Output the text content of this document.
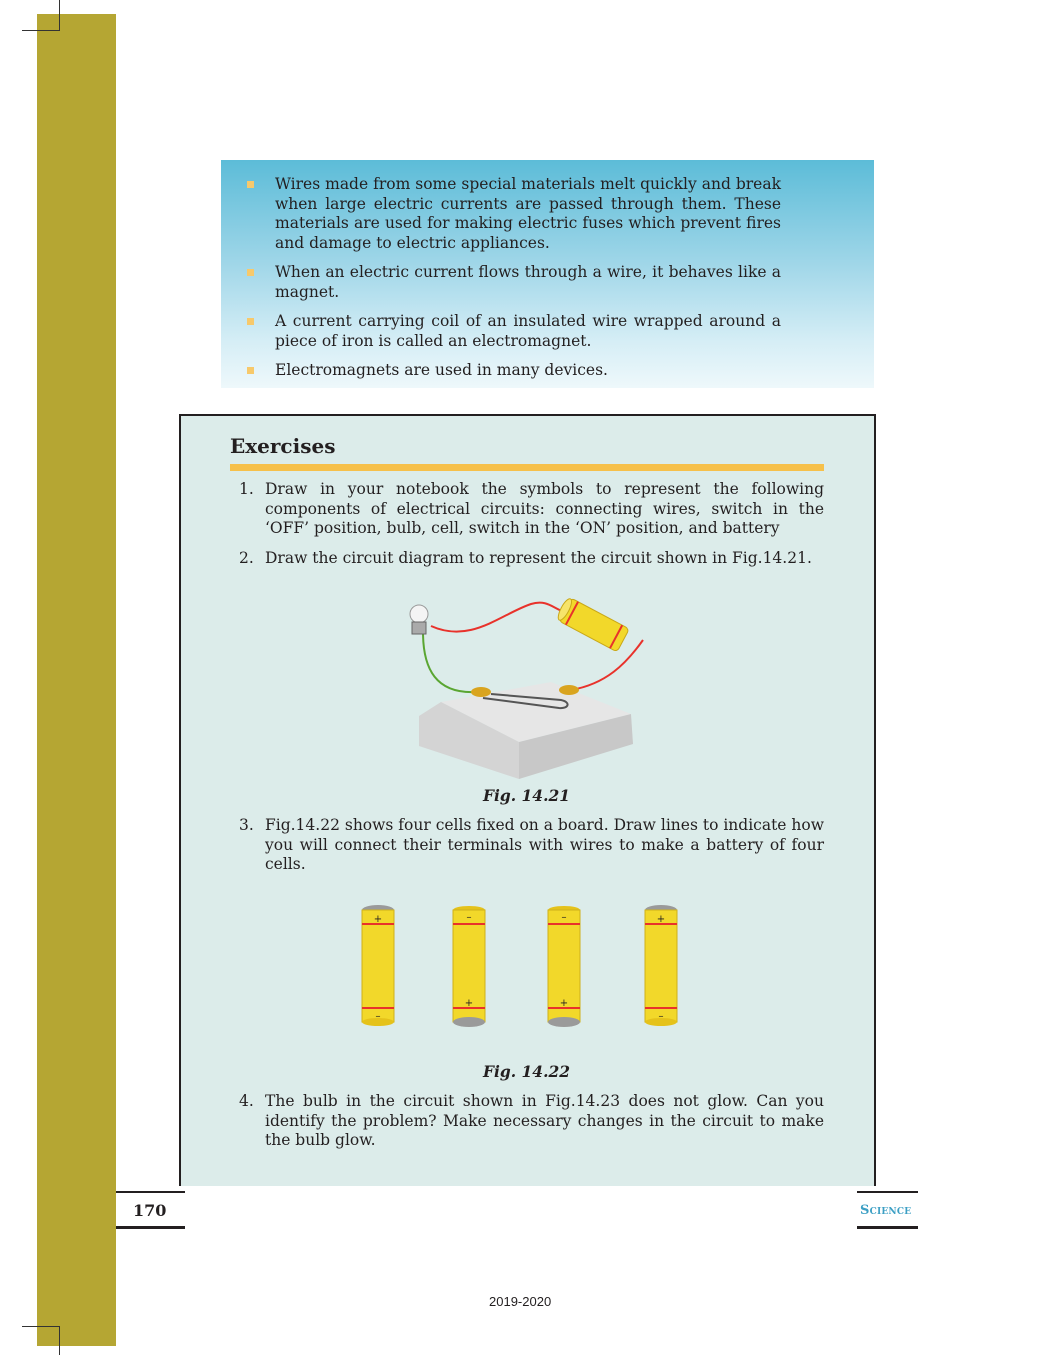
Wires made from some special materials melt quickly and break when large electric currents are passed through them. These materials are used for making electric fuses which prevent fires and damage to electric appliances.
When an electric current flows through a wire, it behaves like a magnet.
A current carrying coil of an insulated wire wrapped around a piece of iron is called an electromagnet.
Electromagnets are used in many devices.
Exercises
1. Draw in your notebook the symbols to represent the following components of electrical circuits: connecting wires, switch in the ‘OFF’ position, bulb, cell, switch in the ‘ON’ position, and battery
2. Draw the circuit diagram to represent the circuit shown in Fig.14.21.
Fig. 14.21
3. Fig.14.22 shows four cells fixed on a board. Draw lines to indicate how you will connect their terminals with wires to make a battery of four cells.
+
–
–
+
–
+
+
–
Fig. 14.22
4. The bulb in the circuit shown in Fig.14.23 does not glow. Can you identify the problem? Make necessary changes in the circuit to make the bulb glow.
170	Science
2019-2020
